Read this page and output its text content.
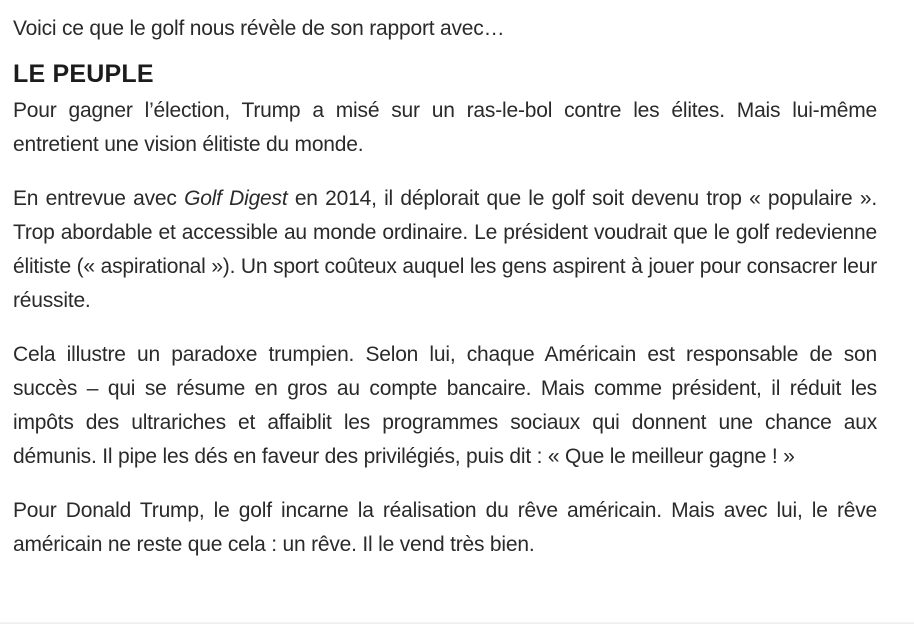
Voici ce que le golf nous révèle de son rapport avec…

LE PEUPLE

Pour gagner l’élection, Trump a misé sur un ras-le-bol contre les élites. Mais lui-même entretient une vision élitiste du monde.

En entrevue avec Golf Digest en 2014, il déplorait que le golf soit devenu trop « populaire ». Trop abordable et accessible au monde ordinaire. Le président voudrait que le golf redevienne élitiste (« aspirational »). Un sport coûteux auquel les gens aspirent à jouer pour consacrer leur réussite.

Cela illustre un paradoxe trumpien. Selon lui, chaque Américain est responsable de son succès – qui se résume en gros au compte bancaire. Mais comme président, il réduit les impôts des ultrariches et affaiblit les programmes sociaux qui donnent une chance aux démunis. Il pipe les dés en faveur des privilégiés, puis dit : « Que le meilleur gagne ! »

Pour Donald Trump, le golf incarne la réalisation du rêve américain. Mais avec lui, le rêve américain ne reste que cela : un rêve. Il le vend très bien.
